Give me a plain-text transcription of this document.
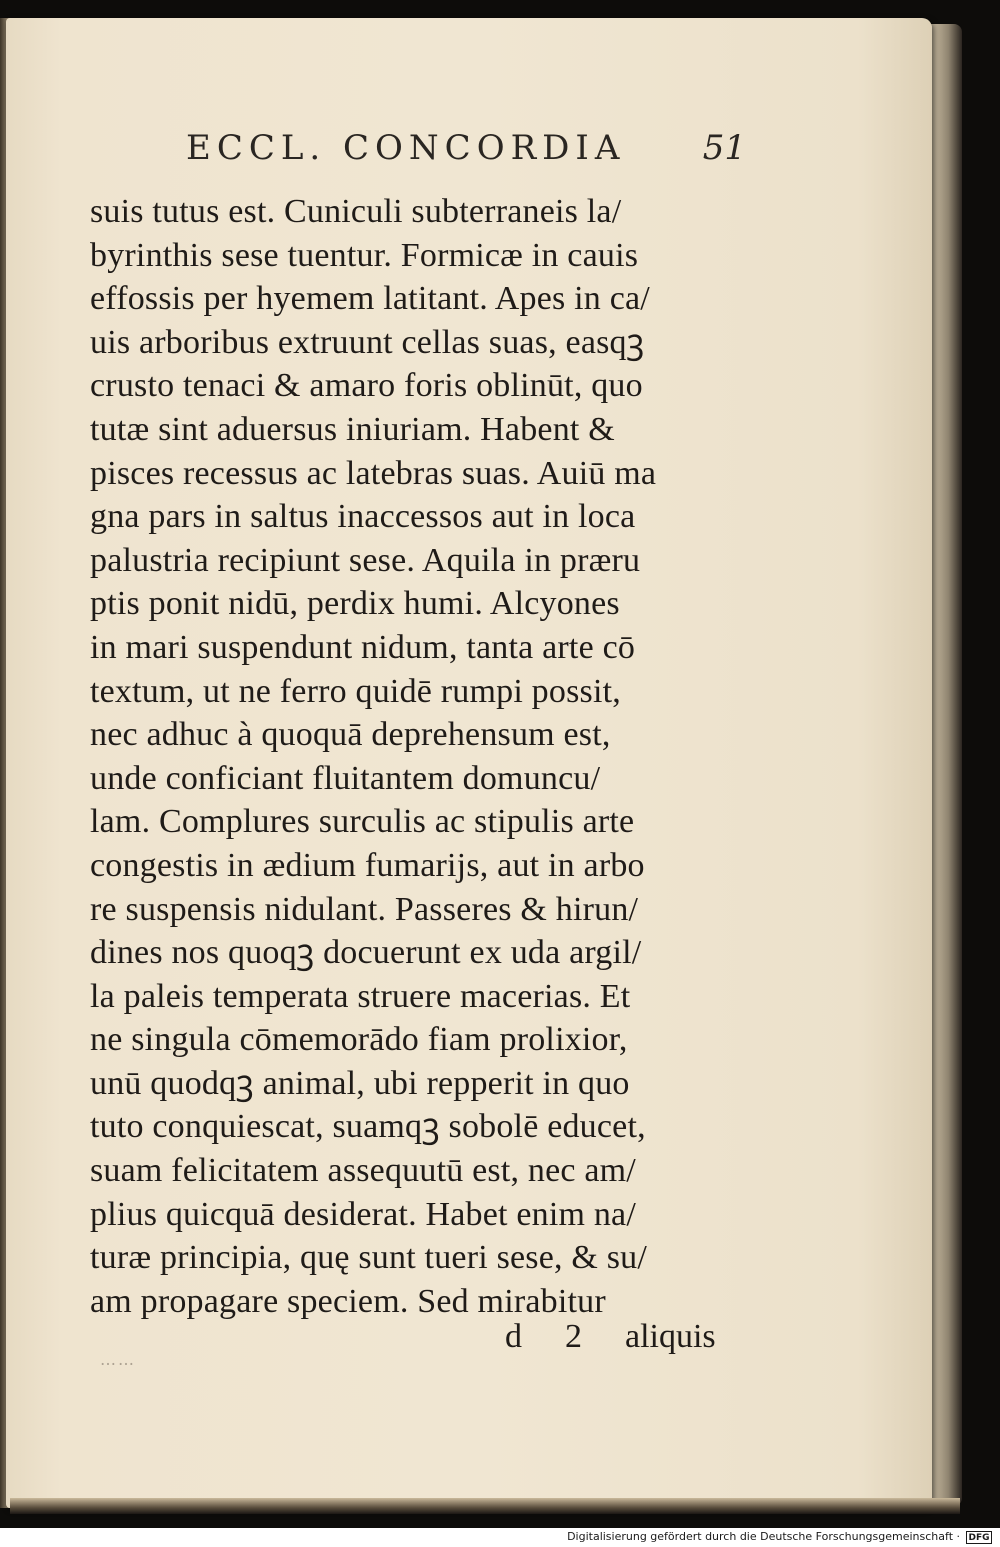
ECCL. CONCORDIA 51
suis tutus est. Cuniculi subterraneis la/
byrinthis sese tuentur. Formicæ in cauis
effossis per hyemem latitant. Apes in ca/
uis arboribus extruunt cellas suas, easqꝫ
crusto tenaci & amaro foris oblinūt, quo
tutæ sint aduersus iniuriam. Habent &
pisces recessus ac latebras suas. Auiū ma
gna pars in saltus inaccessos aut in loca
palustria recipiunt sese. Aquila in præru
ptis ponit nidū, perdix humi. Alcyones
in mari suspendunt nidum, tanta arte cō
textum, ut ne ferro quidē rumpi possit,
nec adhuc à quoquā deprehensum est,
unde conficiant fluitantem domuncu/
lam. Complures surculis ac stipulis arte
congestis in ædium fumarijs, aut in arbo
re suspensis nidulant. Passeres & hirun/
dines nos quoqꝫ docuerunt ex uda argil/
la paleis temperata struere macerias. Et
ne singula cōmemorādo fiam prolixior,
unū quodqꝫ animal, ubi repperit in quo
tuto conquiescat, suamqꝫ sobolē educet,
suam felicitatem assequutū est, nec am/
plius quicquā desiderat. Habet enim na/
turæ principia, quę sunt tueri sese, & su/
am propagare speciem. Sed mirabitur
d 2 aliquis
……
Digitalisierung gefördert durch die Deutsche Forschungsgemeinschaft · DFG
